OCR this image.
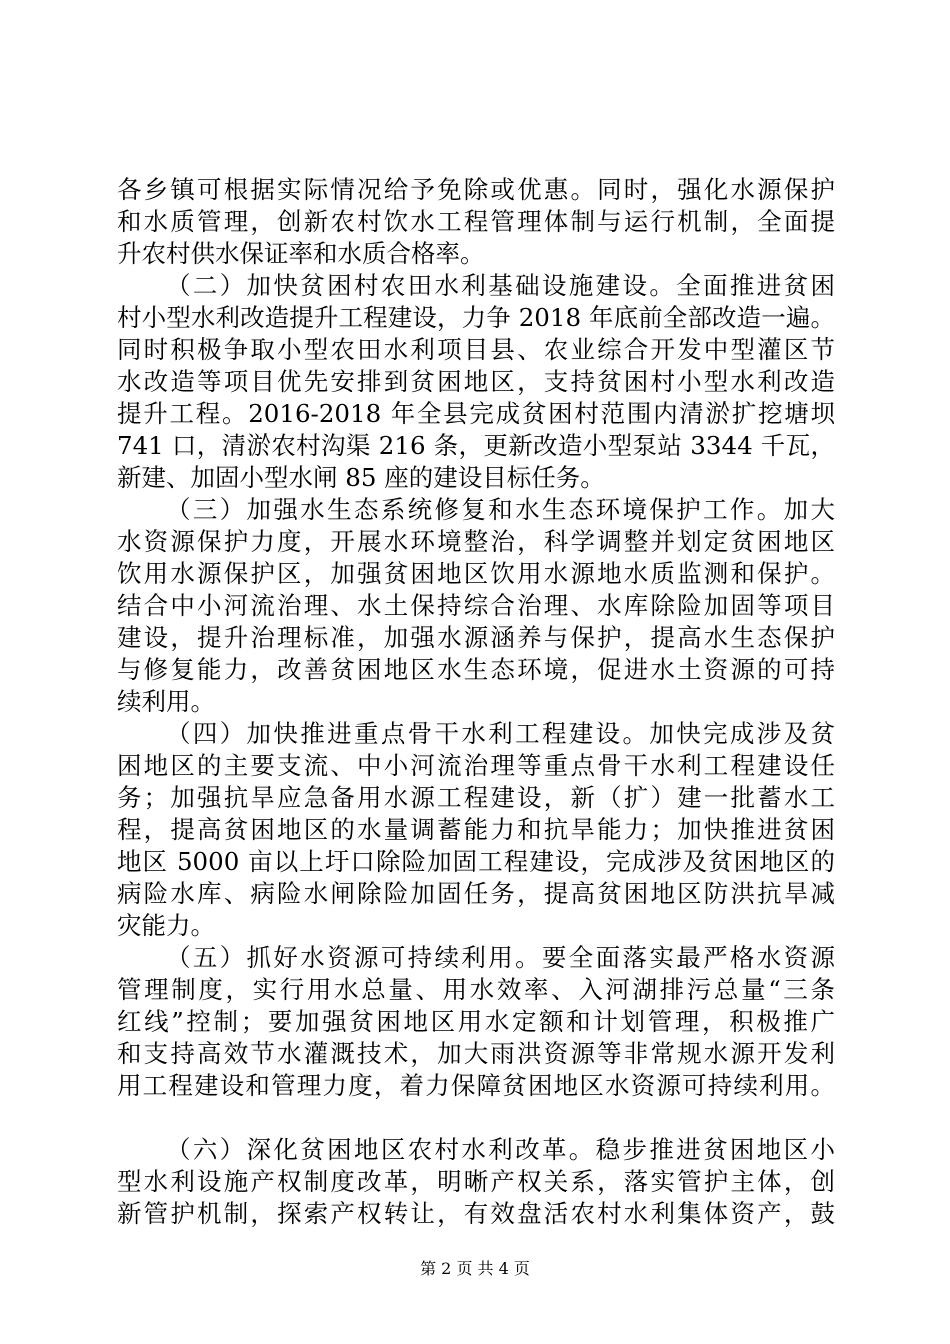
各乡镇可根据实际情况给予免除或优惠。同时，强化水源保护
和水质管理，创新农村饮水工程管理体制与运行机制，全面提
升农村供水保证率和水质合格率。
（二）加快贫困村农田水利基础设施建设。全面推进贫困
村小型水利改造提升工程建设，力争 2018 年底前全部改造一遍。
同时积极争取小型农田水利项目县、农业综合开发中型灌区节
水改造等项目优先安排到贫困地区，支持贫困村小型水利改造
提升工程。2016-2018 年全县完成贫困村范围内清淤扩挖塘坝
741 口，清淤农村沟渠 216 条，更新改造小型泵站 3344 千瓦，
新建、加固小型水闸 85 座的建设目标任务。
（三）加强水生态系统修复和水生态环境保护工作。加大
水资源保护力度，开展水环境整治，科学调整并划定贫困地区
饮用水源保护区，加强贫困地区饮用水源地水质监测和保护。
结合中小河流治理、水土保持综合治理、水库除险加固等项目
建设，提升治理标准，加强水源涵养与保护，提高水生态保护
与修复能力，改善贫困地区水生态环境，促进水土资源的可持
续利用。
（四）加快推进重点骨干水利工程建设。加快完成涉及贫
困地区的主要支流、中小河流治理等重点骨干水利工程建设任
务；加强抗旱应急备用水源工程建设，新（扩）建一批蓄水工
程，提高贫困地区的水量调蓄能力和抗旱能力；加快推进贫困
地区 5000 亩以上圩口除险加固工程建设，完成涉及贫困地区的
病险水库、病险水闸除险加固任务，提高贫困地区防洪抗旱减
灾能力。
（五）抓好水资源可持续利用。要全面落实最严格水资源
管理制度，实行用水总量、用水效率、入河湖排污总量“三条
红线”控制；要加强贫困地区用水定额和计划管理，积极推广
和支持高效节水灌溉技术，加大雨洪资源等非常规水源开发利
用工程建设和管理力度，着力保障贫困地区水资源可持续利用。
（六）深化贫困地区农村水利改革。稳步推进贫困地区小
型水利设施产权制度改革，明晰产权关系，落实管护主体，创
新管护机制，探索产权转让，有效盘活农村水利集体资产，鼓
第 2 页 共 4 页
